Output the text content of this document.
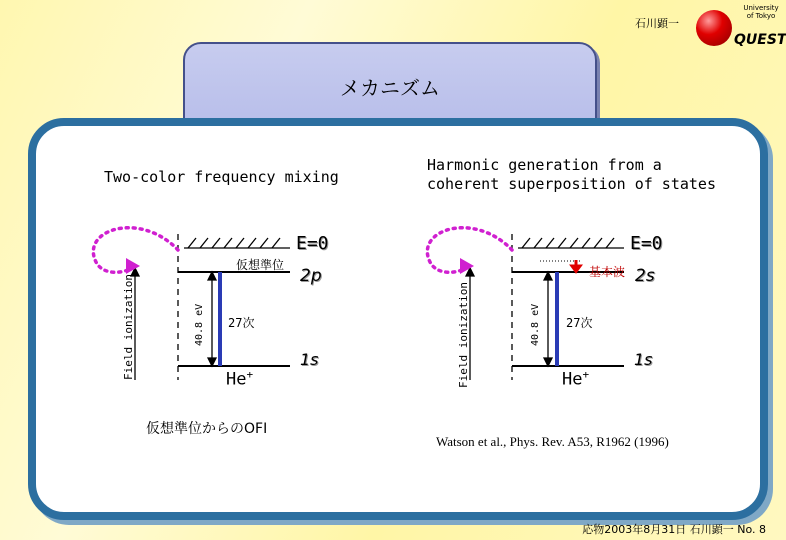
石川顕一
University
of Tokyo
QUEST
メカニズム
Two-color frequency mixing
E=0
仮想準位
2p
27次
1s
He+
40.8 eV
Field ionization
仮想準位からのOFI
Harmonic generation from a
coherent superposition of states
E=0
基本波 2s
27次
1s
He+
40.8 eV
Field ionization
Watson et al., Phys. Rev. A53, R1962 (1996)
応物2003年8月31日 石川顕一 No. 8
